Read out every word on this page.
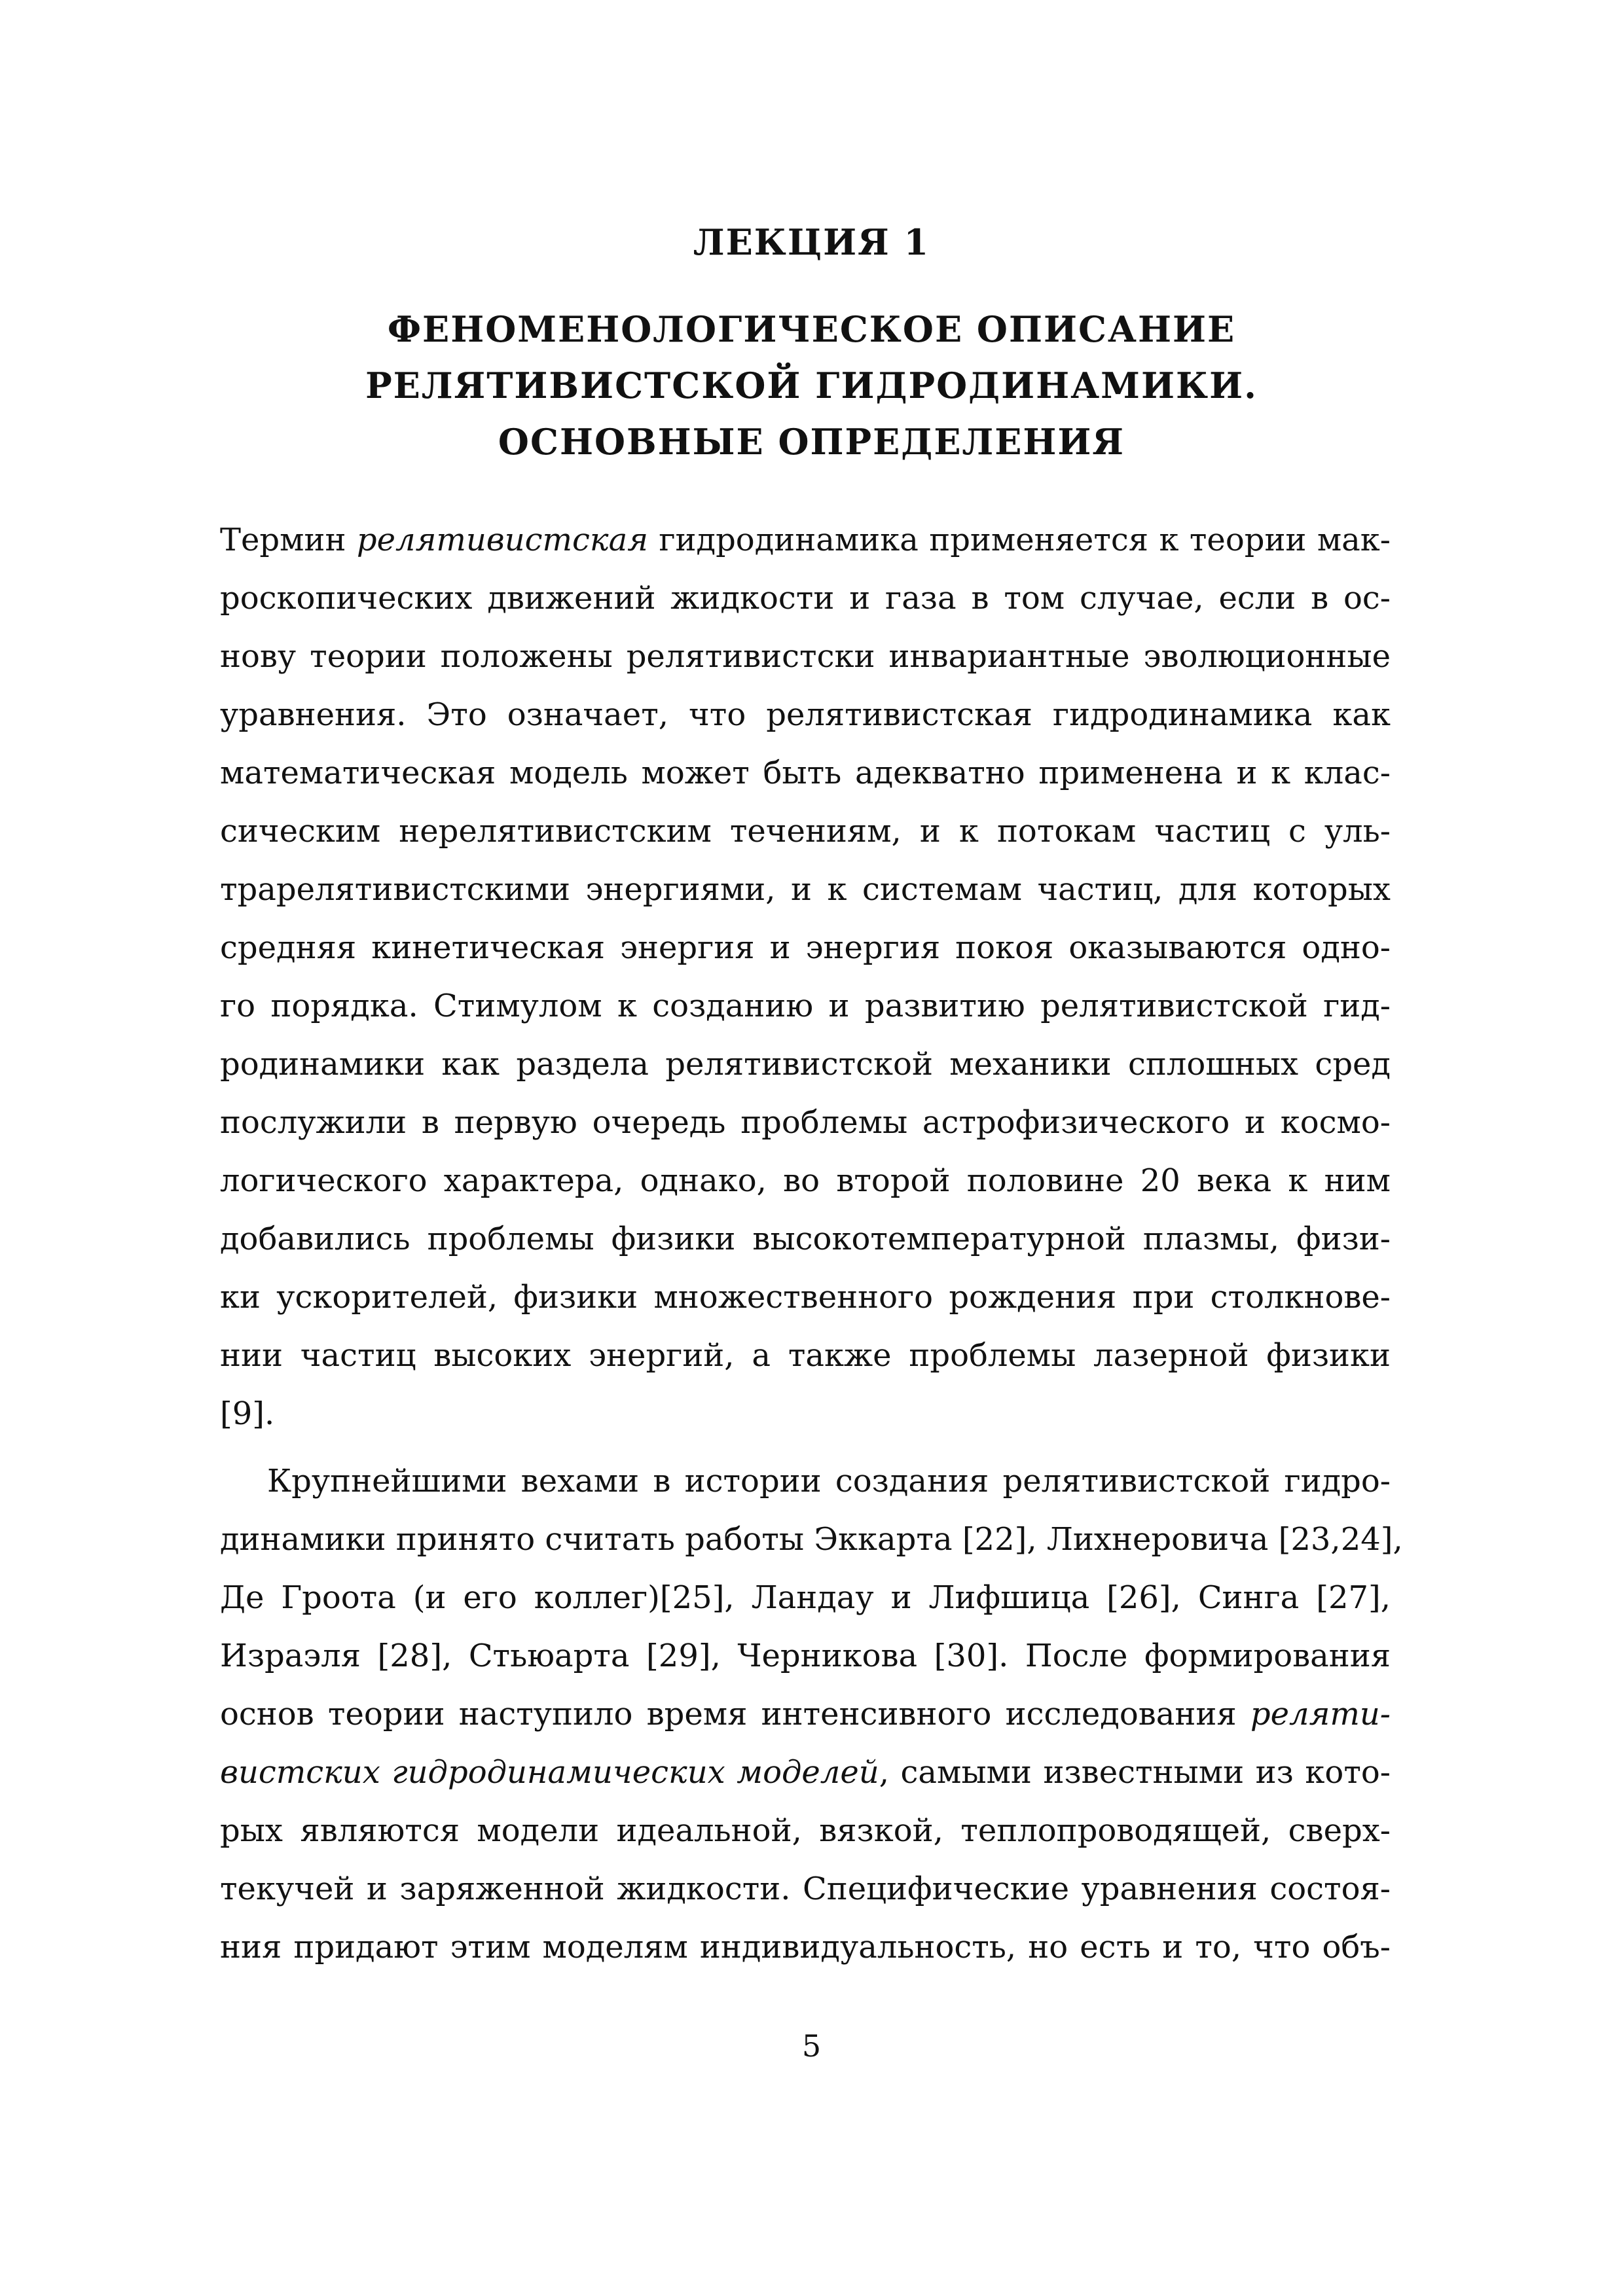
ЛЕКЦИЯ 1
ФЕНОМЕНОЛОГИЧЕСКОЕ ОПИСАНИЕ
РЕЛЯТИВИСТСКОЙ ГИДРОДИНАМИКИ.
ОСНОВНЫЕ ОПРЕДЕЛЕНИЯ

Термин релятивистская гидродинамика применяется к теории мак-

роскопических движений жидкости и газа в том случае, если в ос-

нову теории положены релятивистски инвариантные эволюционные

уравнения. Это означает, что релятивистская гидродинамика как

математическая модель может быть адекватно применена и к клас-

сическим нерелятивистским течениям, и к потокам частиц с уль-

трарелятивистскими энергиями, и к системам частиц, для которых

средняя кинетическая энергия и энергия покоя оказываются одно-

го порядка. Стимулом к созданию и развитию релятивистской гид-

родинамики как раздела релятивистской механики сплошных сред

послужили в первую очередь проблемы астрофизического и космо-

логического характера, однако, во второй половине 20 века к ним

добавились проблемы физики высокотемпературной плазмы, физи-

ки ускорителей, физики множественного рождения при столкнове-

нии частиц высоких энергий, а также проблемы лазерной физики

[9].

Крупнейшими вехами в истории создания релятивистской гидро-

динамики принято считать работы Эккарта [22], Лихнеровича [23,24],

Де Гроота (и его коллег)[25], Ландау и Лифшица [26], Синга [27],

Израэля [28], Стьюарта [29], Черникова [30]. После формирования

основ теории наступило время интенсивного исследования реляти-

вистских гидродинамических моделей, самыми известными из кото-

рых являются модели идеальной, вязкой, теплопроводящей, сверх-

текучей и заряженной жидкости. Специфические уравнения состоя-

ния придают этим моделям индивидуальность, но есть и то, что объ-

5
